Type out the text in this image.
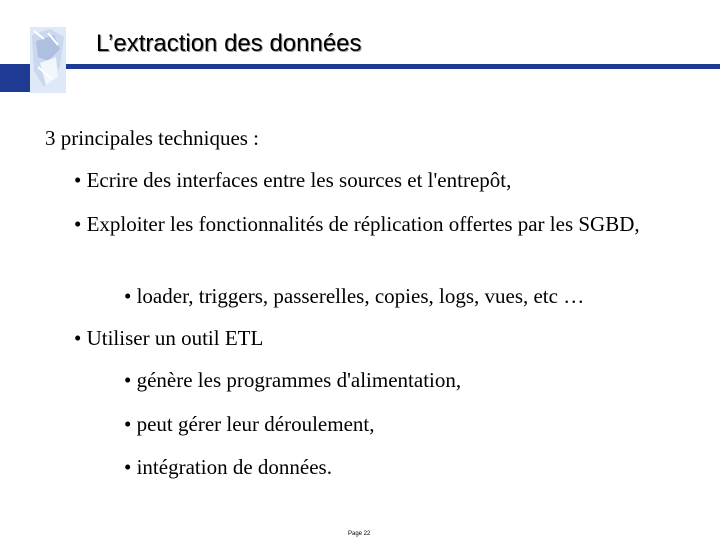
L’extraction des données
3 principales techniques :
• Ecrire des interfaces entre les sources et l'entrepôt,
• Exploiter les fonctionnalités de réplication offertes par les SGBD,
• loader, triggers, passerelles, copies, logs, vues, etc …
• Utiliser un outil ETL
• génère les programmes d'alimentation,
• peut gérer leur déroulement,
• intégration de données.
Page 22
